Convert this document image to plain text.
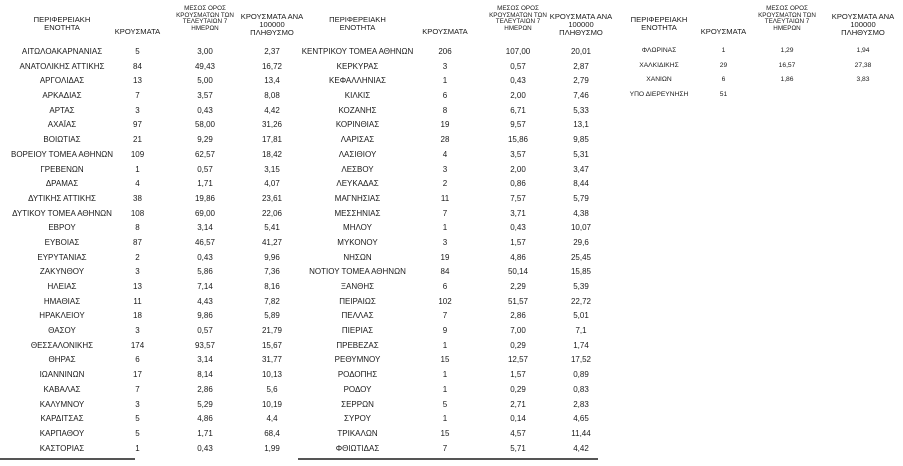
ΠΕΡΙΦΕΡΕΙΑΚΗ
ΕΝΟΤΗΤΑ	ΚΡΟΥΣΜΑΤΑ
ΜΕΣΟΣ ΟΡΟΣ
ΚΡΟΥΣΜΑΤΩΝ ΤΩΝ
ΤΕΛΕΥΤΑΙΩΝ 7
ΗΜΕΡΩΝ
ΚΡΟΥΣΜΑΤΑ ΑΝΑ
100000
ΠΛΗΘΥΣΜΟ
ΑΙΤΩΛΟΑΚΑΡΝΑΝΙΑΣ	5	3,00	2,37
ΑΝΑΤΟΛΙΚΗΣ ΑΤΤΙΚΗΣ	84	49,43	16,72
ΑΡΓΟΛΙΔΑΣ	13	5,00	13,4
ΑΡΚΑΔΙΑΣ	7	3,57	8,08
ΑΡΤΑΣ	3	0,43	4,42
ΑΧΑΪΑΣ	97	58,00	31,26
ΒΟΙΩΤΙΑΣ	21	9,29	17,81
ΒΟΡΕΙΟΥ ΤΟΜΕΑ ΑΘΗΝΩΝ	109	62,57	18,42
ΓΡΕΒΕΝΩΝ	1	0,57	3,15
ΔΡΑΜΑΣ	4	1,71	4,07
ΔΥΤΙΚΗΣ ΑΤΤΙΚΗΣ	38	19,86	23,61
ΔΥΤΙΚΟΥ ΤΟΜΕΑ ΑΘΗΝΩΝ	108	69,00	22,06
ΕΒΡΟΥ	8	3,14	5,41
ΕΥΒΟΙΑΣ	87	46,57	41,27
ΕΥΡΥΤΑΝΙΑΣ	2	0,43	9,96
ΖΑΚΥΝΘΟΥ	3	5,86	7,36
ΗΛΕΙΑΣ	13	7,14	8,16
ΗΜΑΘΙΑΣ	11	4,43	7,82
ΗΡΑΚΛΕΙΟΥ	18	9,86	5,89
ΘΑΣΟΥ	3	0,57	21,79
ΘΕΣΣΑΛΟΝΙΚΗΣ	174	93,57	15,67
ΘΗΡΑΣ	6	3,14	31,77
ΙΩΑΝΝΙΝΩΝ	17	8,14	10,13
ΚΑΒΑΛΑΣ	7	2,86	5,6
ΚΑΛΥΜΝΟΥ	3	5,29	10,19
ΚΑΡΔΙΤΣΑΣ	5	4,86	4,4
ΚΑΡΠΑΘΟΥ	5	1,71	68,4
ΚΑΣΤΟΡΙΑΣ	1	0,43	1,99
ΠΕΡΙΦΕΡΕΙΑΚΗ
ΕΝΟΤΗΤΑ	ΚΡΟΥΣΜΑΤΑ
ΜΕΣΟΣ ΟΡΟΣ
ΚΡΟΥΣΜΑΤΩΝ ΤΩΝ
ΤΕΛΕΥΤΑΙΩΝ 7
ΗΜΕΡΩΝ
ΚΡΟΥΣΜΑΤΑ ΑΝΑ
100000
ΠΛΗΘΥΣΜΟ
ΚΕΝΤΡΙΚΟΥ ΤΟΜΕΑ ΑΘΗΝΩΝ	206	107,00	20,01
ΚΕΡΚΥΡΑΣ	3	0,57	2,87
ΚΕΦΑΛΛΗΝΙΑΣ	1	0,43	2,79
ΚΙΛΚΙΣ	6	2,00	7,46
ΚΟΖΑΝΗΣ	8	6,71	5,33
ΚΟΡΙΝΘΙΑΣ	19	9,57	13,1
ΛΑΡΙΣΑΣ	28	15,86	9,85
ΛΑΣΙΘΙΟΥ	4	3,57	5,31
ΛΕΣΒΟΥ	3	2,00	3,47
ΛΕΥΚΑΔΑΣ	2	0,86	8,44
ΜΑΓΝΗΣΙΑΣ	11	7,57	5,79
ΜΕΣΣΗΝΙΑΣ	7	3,71	4,38
ΜΗΛΟΥ	1	0,43	10,07
ΜΥΚΟΝΟΥ	3	1,57	29,6
ΝΗΣΩΝ	19	4,86	25,45
ΝΟΤΙΟΥ ΤΟΜΕΑ ΑΘΗΝΩΝ	84	50,14	15,85
ΞΑΝΘΗΣ	6	2,29	5,39
ΠΕΙΡΑΙΩΣ	102	51,57	22,72
ΠΕΛΛΑΣ	7	2,86	5,01
ΠΙΕΡΙΑΣ	9	7,00	7,1
ΠΡΕΒΕΖΑΣ	1	0,29	1,74
ΡΕΘΥΜΝΟΥ	15	12,57	17,52
ΡΟΔΟΠΗΣ	1	1,57	0,89
ΡΟΔΟΥ	1	0,29	0,83
ΣΕΡΡΩΝ	5	2,71	2,83
ΣΥΡΟΥ	1	0,14	4,65
ΤΡΙΚΑΛΩΝ	15	4,57	11,44
ΦΘΙΩΤΙΔΑΣ	7	5,71	4,42
ΠΕΡΙΦΕΡΕΙΑΚΗ
ΕΝΟΤΗΤΑ	ΚΡΟΥΣΜΑΤΑ
ΜΕΣΟΣ ΟΡΟΣ
ΚΡΟΥΣΜΑΤΩΝ ΤΩΝ
ΤΕΛΕΥΤΑΙΩΝ 7
ΗΜΕΡΩΝ
ΚΡΟΥΣΜΑΤΑ ΑΝΑ
100000
ΠΛΗΘΥΣΜΟ
ΦΛΩΡΙΝΑΣ	1	1,29	1,94
ΧΑΛΚΙΔΙΚΗΣ	29	16,57	27,38
ΧΑΝΙΩΝ	6	1,86	3,83
ΥΠΟ ΔΙΕΡΕΥΝΗΣΗ	51
